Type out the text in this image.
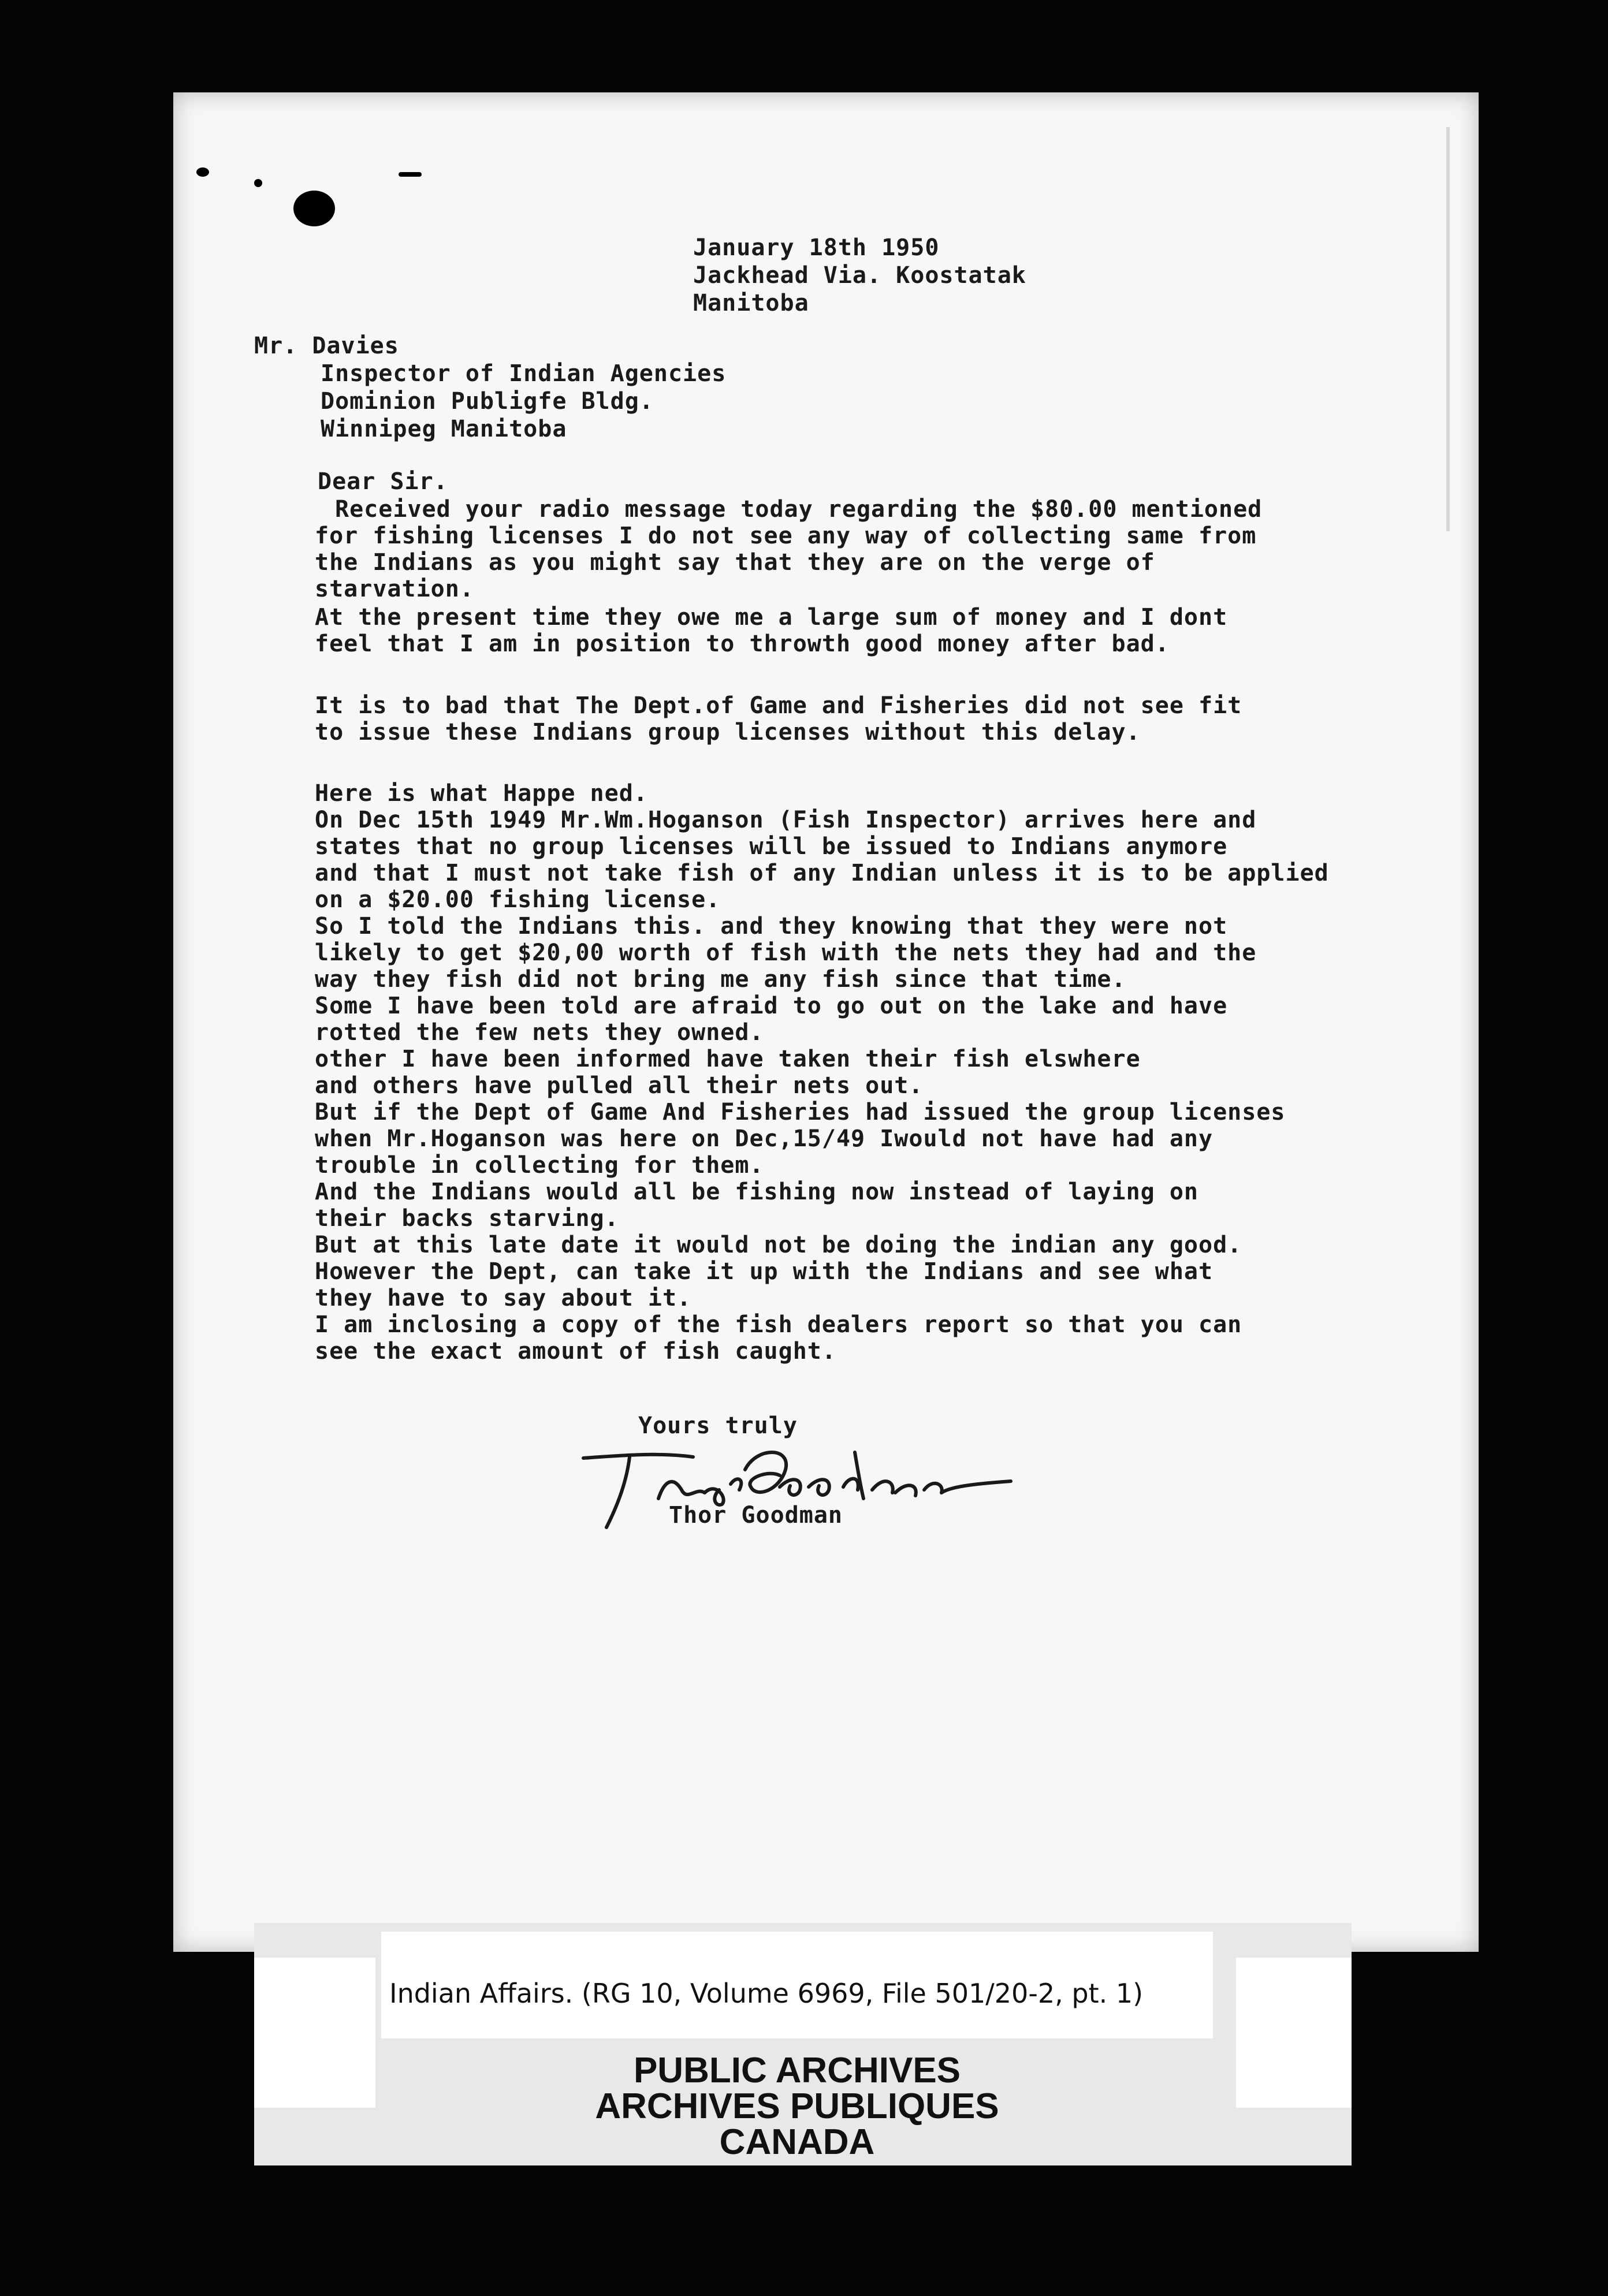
January 18th 1950
Jackhead Via. Koostatak
Manitoba
Mr. Davies
Inspector of Indian Agencies
Dominion Publigfe Bldg.
Winnipeg Manitoba
Dear Sir.
Received your radio message today regarding the $80.00 mentioned
for fishing licenses I do not see any way of collecting same from
the Indians as you might say that they are on the verge of
starvation.
At the present time they owe me a large sum of money and I dont
feel that I am in position to throwth good money after bad.
It is to bad that The Dept.of Game and Fisheries did not see fit
to issue these Indians group licenses without this delay.
Here is what Happe ned.
On Dec 15th 1949 Mr.Wm.Hoganson (Fish Inspector) arrives here and
states that no group licenses will be issued to Indians anymore
and that I must not take fish of any Indian unless it is to be applied
on a $20.00 fishing license.
So I told the Indians this. and they knowing that they were not
likely to get $20,00 worth of fish with the nets they had and the
way they fish did not bring me any fish since that time.
Some I have been told are afraid to go out on the lake and have
rotted the few nets they owned.
other I have been informed have taken their fish elswhere
and others have pulled all their nets out.
But if the Dept of Game And Fisheries had issued the group licenses
when Mr.Hoganson was here on Dec,15/49 Iwould not have had any
trouble in collecting for them.
And the Indians would all be fishing now instead of laying on
their backs starving.
But at this late date it would not be doing the indian any good.
However the Dept, can take it up with the Indians and see what
they have to say about it.
I am inclosing a copy of the fish dealers report so that you can
see the exact amount of fish caught.
Yours truly
Thor Goodman
Thor Goodman
Indian Affairs. (RG 10, Volume 6969, File 501/20-2, pt. 1)
PUBLIC ARCHIVES
ARCHIVES PUBLIQUES
CANADA
